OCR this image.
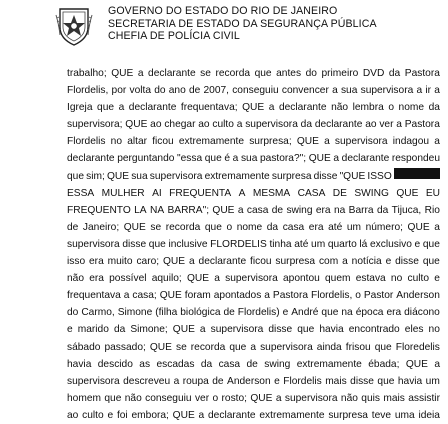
GOVERNO DO ESTADO DO RIO DE JANEIRO
SECRETARIA DE ESTADO DA SEGURANÇA PÚBLICA
CHEFIA DE POLÍCIA CIVIL
trabalho; QUE a declarante se recorda que antes do primeiro DVD da Pastora
Flordelis, por volta do ano de 2007, conseguiu convencer a sua supervisora a ir a
Igreja que a declarante frequentava; QUE a declarante não lembra o nome da
supervisora; QUE ao chegar ao culto a supervisora da declarante ao ver a Pastora
Flordelis no altar ficou extremamente surpresa; QUE a supervisora indagou a
declarante perguntando "essa que é a sua pastora?"; QUE a declarante respondeu
que sim; QUE sua supervisora extremamente surpresa disse "QUE ISSO
ESSA MULHER AI FREQUENTA A MESMA CASA DE SWING QUE EU
FREQUENTO LA NA BARRA"; QUE a casa de swing era na Barra da Tijuca, Rio
de Janeiro; QUE se recorda que o nome da casa era até um número; QUE a
supervisora disse que inclusive FLORDELIS tinha até um quarto lá exclusivo e que
isso era muito caro; QUE a declarante ficou surpresa com a notícia e disse que
não era possível aquilo; QUE a supervisora apontou quem estava no culto e
frequentava a casa; QUE foram apontados a Pastora Flordelis, o Pastor Anderson
do Carmo, Simone (filha biológica de Flordelis) e André que na época era diácono
e marido da Simone; QUE a supervisora disse que havia encontrado eles no
sábado passado; QUE se recorda que a supervisora ainda frisou que Floredelis
havia descido as escadas da casa de swing extremamente ébada; QUE a
supervisora descreveu a roupa de Anderson e Flordelis mais disse que havia um
homem que não conseguiu ver o rosto; QUE a supervisora não quis mais assistir
ao culto e foi embora; QUE a declarante extremamente surpresa teve uma ideia
